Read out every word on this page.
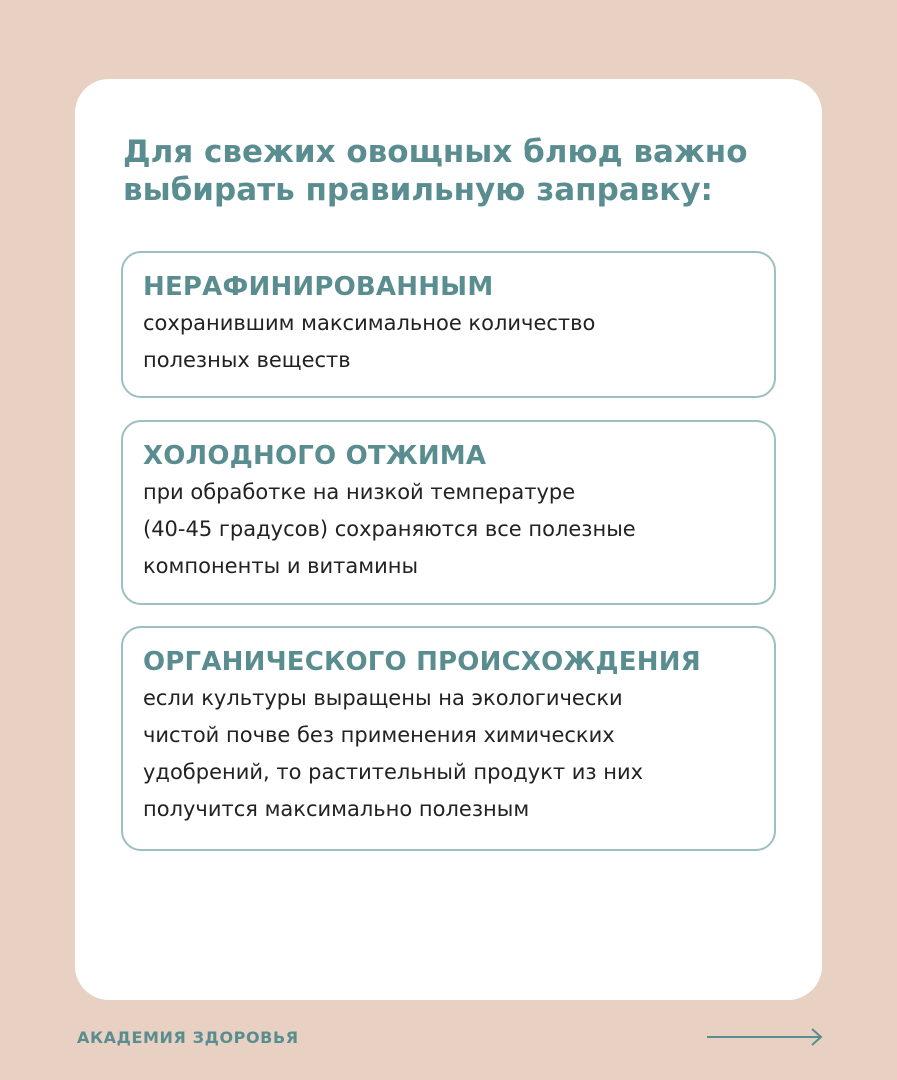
Для свежих овощных блюд важно
выбирать правильную заправку:
НЕРАФИНИРОВАННЫМ
сохранившим максимальное количество
полезных веществ
ХОЛОДНОГО ОТЖИМА
при обработке на низкой температуре
(40-45 градусов) сохраняются все полезные
компоненты и витамины
ОРГАНИЧЕСКОГО ПРОИСХОЖДЕНИЯ
если культуры выращены на экологически
чистой почве без применения химических
удобрений, то растительный продукт из них
получится максимально полезным
АКАДЕМИЯ ЗДОРОВЬЯ
